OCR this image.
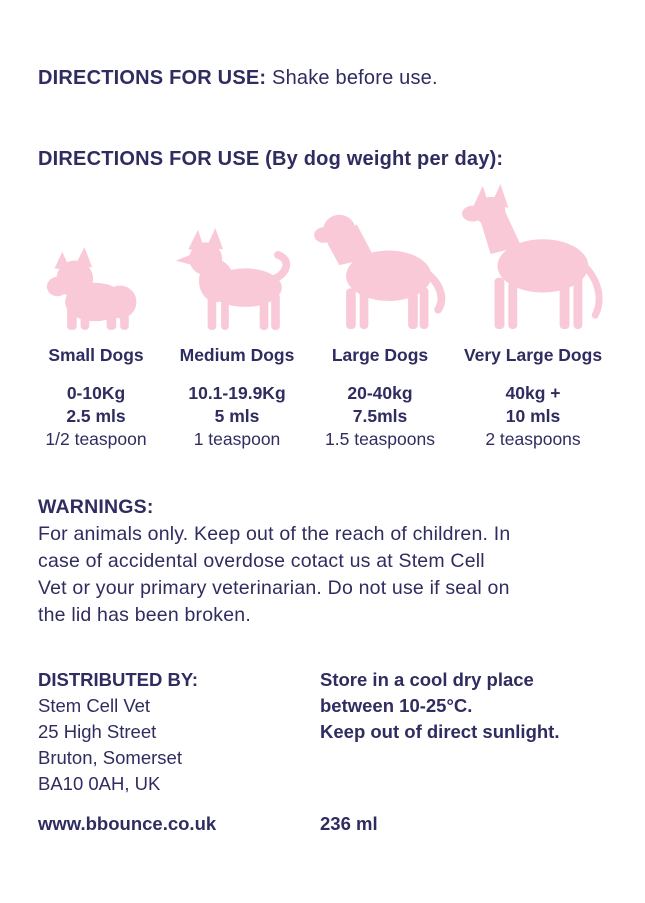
DIRECTIONS FOR USE: Shake before use.
DIRECTIONS FOR USE (By dog weight per day):
Small Dogs
0-10Kg
2.5 mls
1/2 teaspoon
Medium Dogs
10.1-19.9Kg
5 mls
1 teaspoon
Large Dogs
20-40kg
7.5mls
1.5 teaspoons
Very Large Dogs
40kg +
10 mls
2 teaspoons
WARNINGS:
For animals only. Keep out of the reach of children. In
case of accidental overdose cotact us at Stem Cell
Vet or your primary veterinarian. Do not use if seal on
the lid has been broken.
DISTRIBUTED BY:
Stem Cell Vet
25 High Street
Bruton, Somerset
BA10 0AH, UK
Store in a cool dry place
between 10-25°C.
Keep out of direct sunlight.
www.bbounce.co.uk	236 ml
